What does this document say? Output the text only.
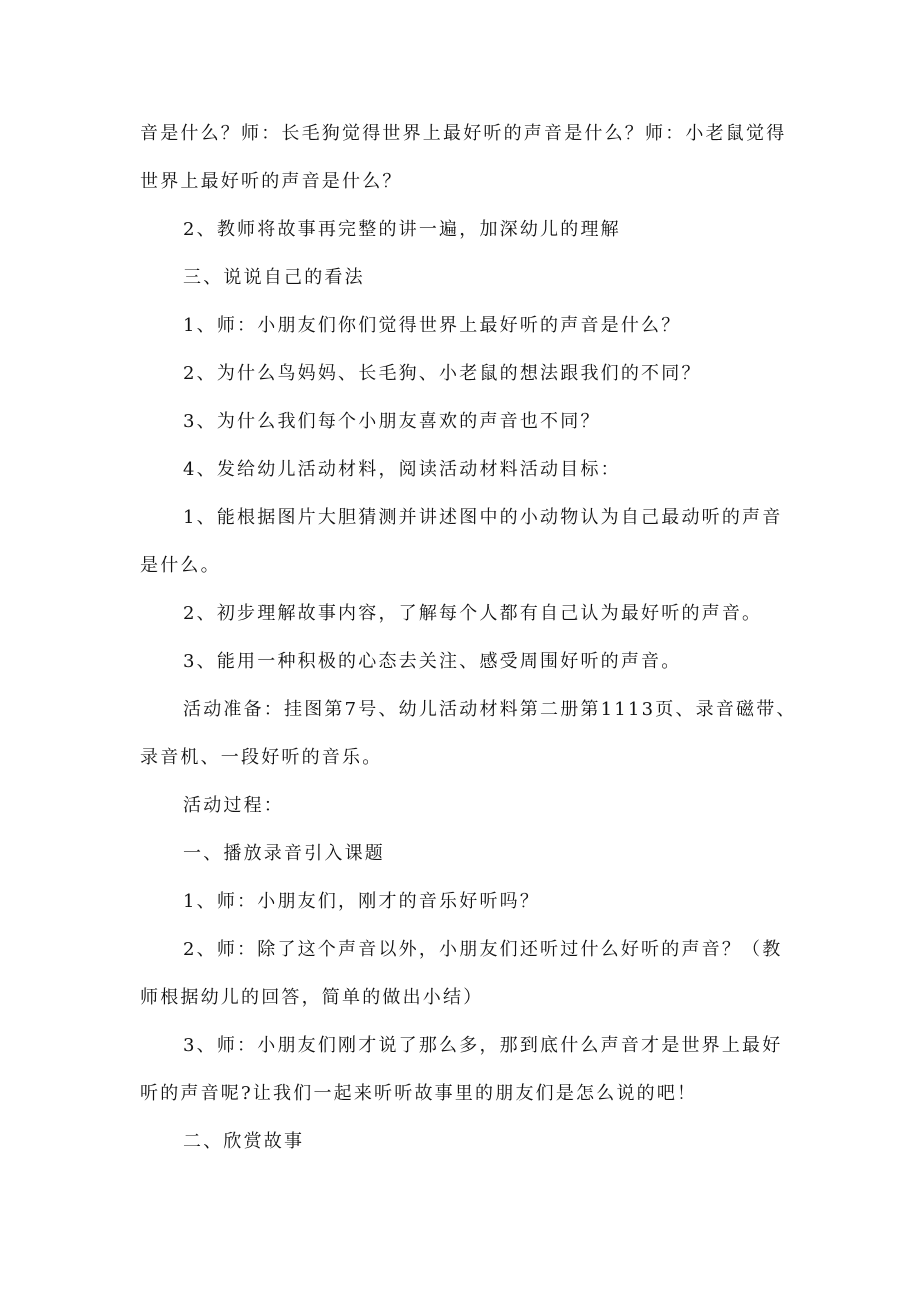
音是什么？师：长毛狗觉得世界上最好听的声音是什么？师：小老鼠觉得

世界上最好听的声音是什么？

2、教师将故事再完整的讲一遍，加深幼儿的理解

三、说说自己的看法

1、师：小朋友们你们觉得世界上最好听的声音是什么？

2、为什么鸟妈妈、长毛狗、小老鼠的想法跟我们的不同？

3、为什么我们每个小朋友喜欢的声音也不同？

4、发给幼儿活动材料，阅读活动材料活动目标：

1、能根据图片大胆猜测并讲述图中的小动物认为自己最动听的声音

是什么。

2、初步理解故事内容，了解每个人都有自己认为最好听的声音。

3、能用一种积极的心态去关注、感受周围好听的声音。

活动准备：挂图第7号、幼儿活动材料第二册第1113页、录音磁带、

录音机、一段好听的音乐。

活动过程：

一、播放录音引入课题

1、师：小朋友们，刚才的音乐好听吗？

2、师：除了这个声音以外，小朋友们还听过什么好听的声音？（教

师根据幼儿的回答，简单的做出小结）

3、师：小朋友们刚才说了那么多，那到底什么声音才是世界上最好

听的声音呢?让我们一起来听听故事里的朋友们是怎么说的吧！

二、欣赏故事
